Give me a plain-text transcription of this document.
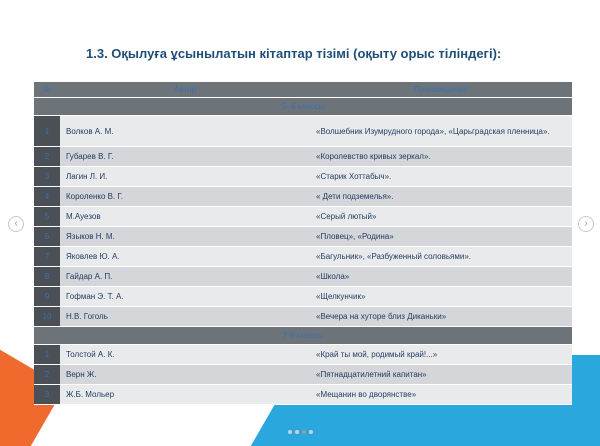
1.3. Оқылуға ұсынылатын кітаптар тізімі (оқыту орыс тіліндегі):
№	Автор	Произведение
5- 6 классы		
1	Волков А. М.	«Волшебник Изумрудного города», «Царьградская пленница».
2	Губарев В. Г.	«Королевство кривых зеркал».
3	Лагин Л. И.	«Старик Хоттабыч».
4	Короленко В. Г.	« Дети подземелья».
5	М.Ауезов	«Серый лютый»
6	Языков Н. М.	«Пловец», «Родина»
7	Яковлев Ю. А.	«Багульник», «Разбуженный соловьями».
8	Гайдар А. П.	«Школа»
9	Гофман Э. Т. А.	«Щелкунчик»
10	Н.В. Гоголь	«Вечера на хуторе близ Диканьки»
7-9 классы		
1	Толстой А. К.	«Край ты мой, родимый край!...»
2	Верн Ж.	«Пятнадцатилетний капитан»
3	Ж.Б. Мольер	«Мещанин во дворянстве»
‹	›
